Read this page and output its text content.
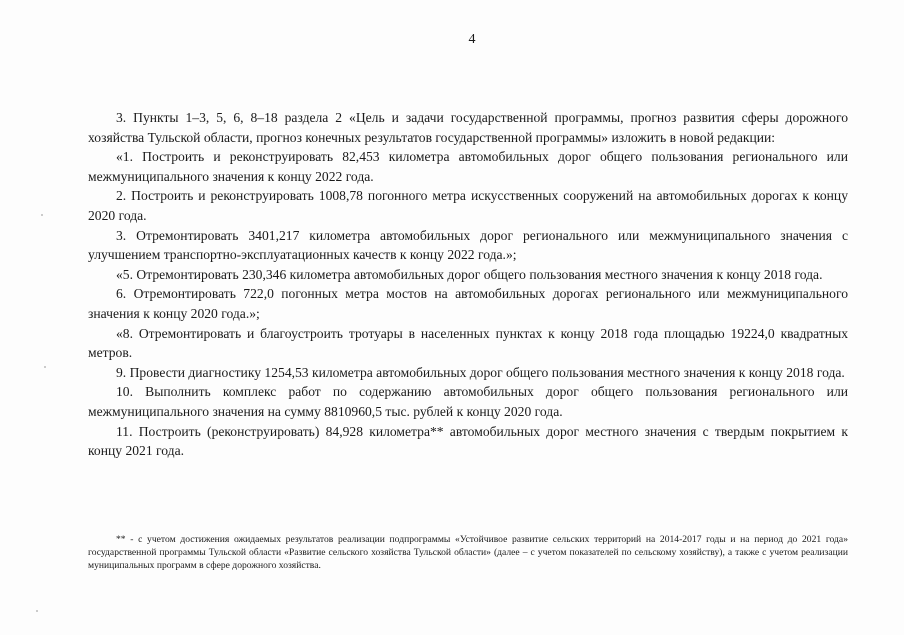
4

3. Пункты 1–3, 5, 6, 8–18 раздела 2 «Цель и задачи государственной программы, прогноз развития сферы дорожного хозяйства Тульской области, прогноз конечных результатов государственной программы» изложить в новой редакции:

«1. Построить и реконструировать 82,453 километра автомобильных дорог общего пользования регионального или межмуниципального значения к концу 2022 года.

2. Построить и реконструировать 1008,78 погонного метра искусственных сооружений на автомобильных дорогах к концу 2020 года.

3. Отремонтировать 3401,217 километра автомобильных дорог регионального или межмуниципального значения с улучшением транспортно-эксплуатационных качеств к концу 2022 года.»;

«5. Отремонтировать 230,346 километра автомобильных дорог общего пользования местного значения к концу 2018 года.

6. Отремонтировать 722,0 погонных метра мостов на автомобильных дорогах регионального или межмуниципального значения к концу 2020 года.»;

«8. Отремонтировать и благоустроить тротуары в населенных пунктах к концу 2018 года площадью 19224,0 квадратных метров.

9. Провести диагностику 1254,53 километра автомобильных дорог общего пользования местного значения к концу 2018 года.

10. Выполнить комплекс работ по содержанию автомобильных дорог общего пользования регионального или межмуниципального значения на сумму 8810960,5 тыс. рублей к концу 2020 года.

11. Построить (реконструировать) 84,928 километра** автомобильных дорог местного значения с твердым покрытием к концу 2021 года.

** - с учетом достижения ожидаемых результатов реализации подпрограммы «Устойчивое развитие сельских территорий на 2014-2017 годы и на период до 2021 года» государственной программы Тульской области «Развитие сельского хозяйства Тульской области» (далее – с учетом показателей по сельскому хозяйству), а также с учетом реализации муниципальных программ в сфере дорожного хозяйства.
